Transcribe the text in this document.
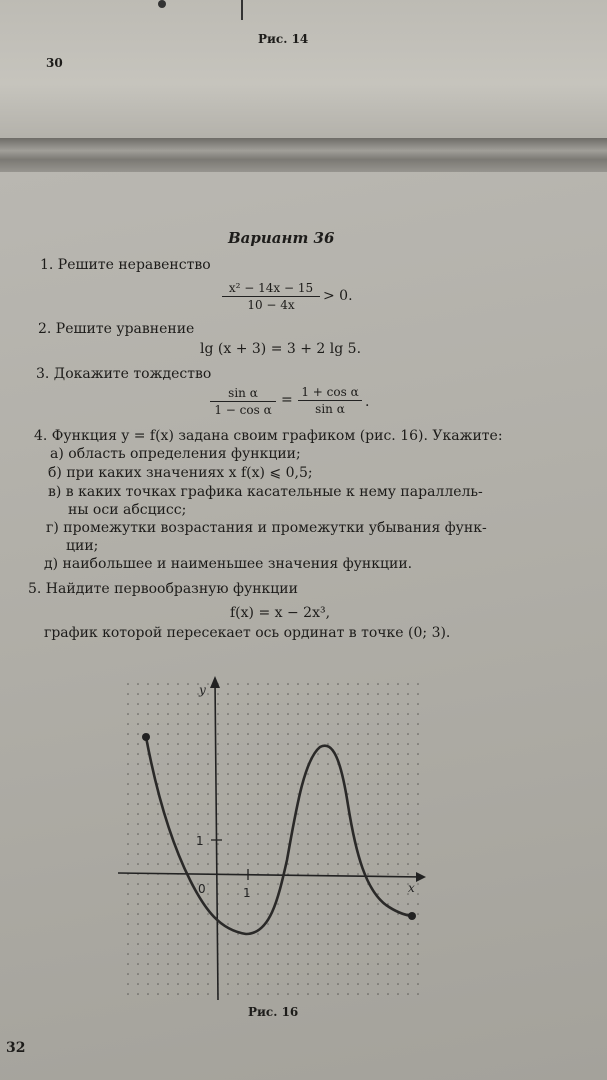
Рис. 14
30
Вариант 36
1. Решите неравенство
$\frac{\text{x² − 14x − 15}}{10 - 4x} > 0$.
2. Решите уравнение
lg (x + 3) = 3 + 2 lg 5.
3. Докажите тождество
$\frac{\text{sin α}}{\text{1 − cos α}} = \frac{\text{1 + cos α}}{\text{sin α}}$ .
4. Функция y = f(x) задана своим графиком (рис. 16). Укажите:
а) область определения функции;
б) при каких значениях x f(x) ⩽ 0,5;
в) в каких точках графика касательные к нему параллель-
ны оси абсцисс;
г) промежутки возрастания и промежутки убывания функ-
ции;
д) наибольшее и наименьшее значения функции.
5. Найдите первообразную функции
f(x) = x − 2x³,
график которой пересекает ось ординат в точке (0; 3).
y
x
0	1
1
Рис. 16
32
